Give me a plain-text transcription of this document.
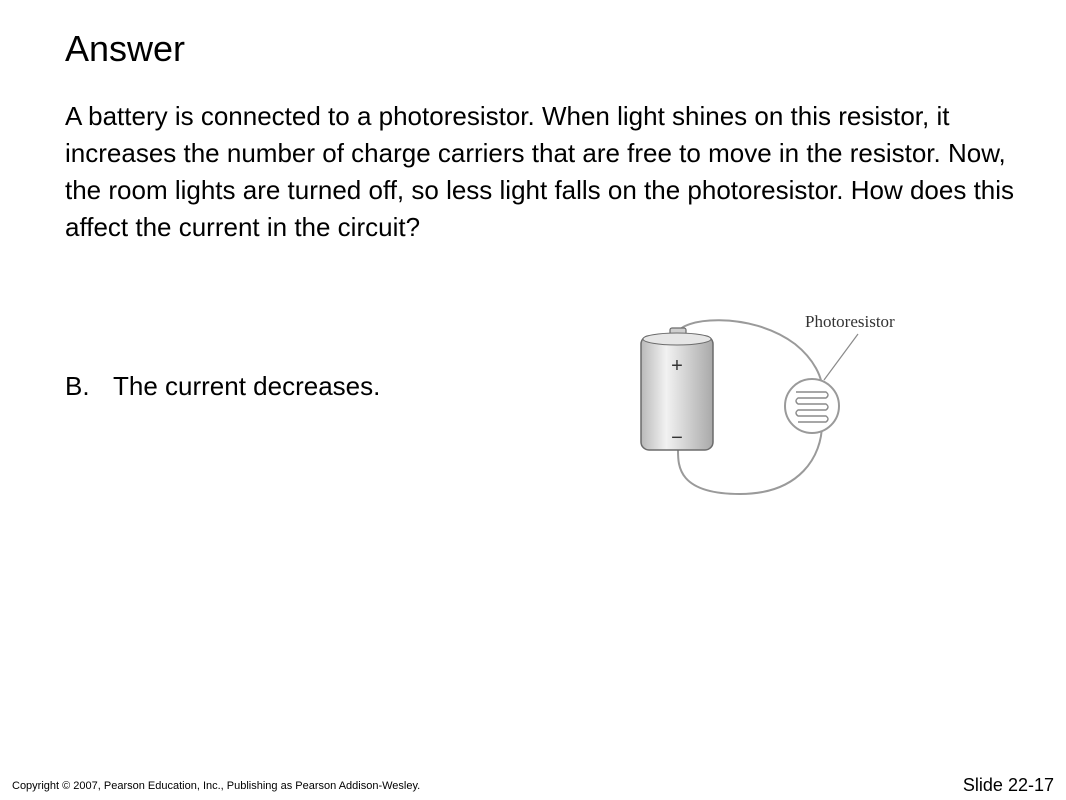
Answer

A battery is connected to a photoresistor. When light shines on this resistor, it increases the number of charge carriers that are free to move in the resistor. Now, the room lights are turned off, so less light falls on the photoresistor. How does this affect the current in the circuit?

B. The current decreases.

+
−
Photoresistor

Copyright © 2007, Pearson Education, Inc., Publishing as Pearson Addison-Wesley.	Slide 22-17
